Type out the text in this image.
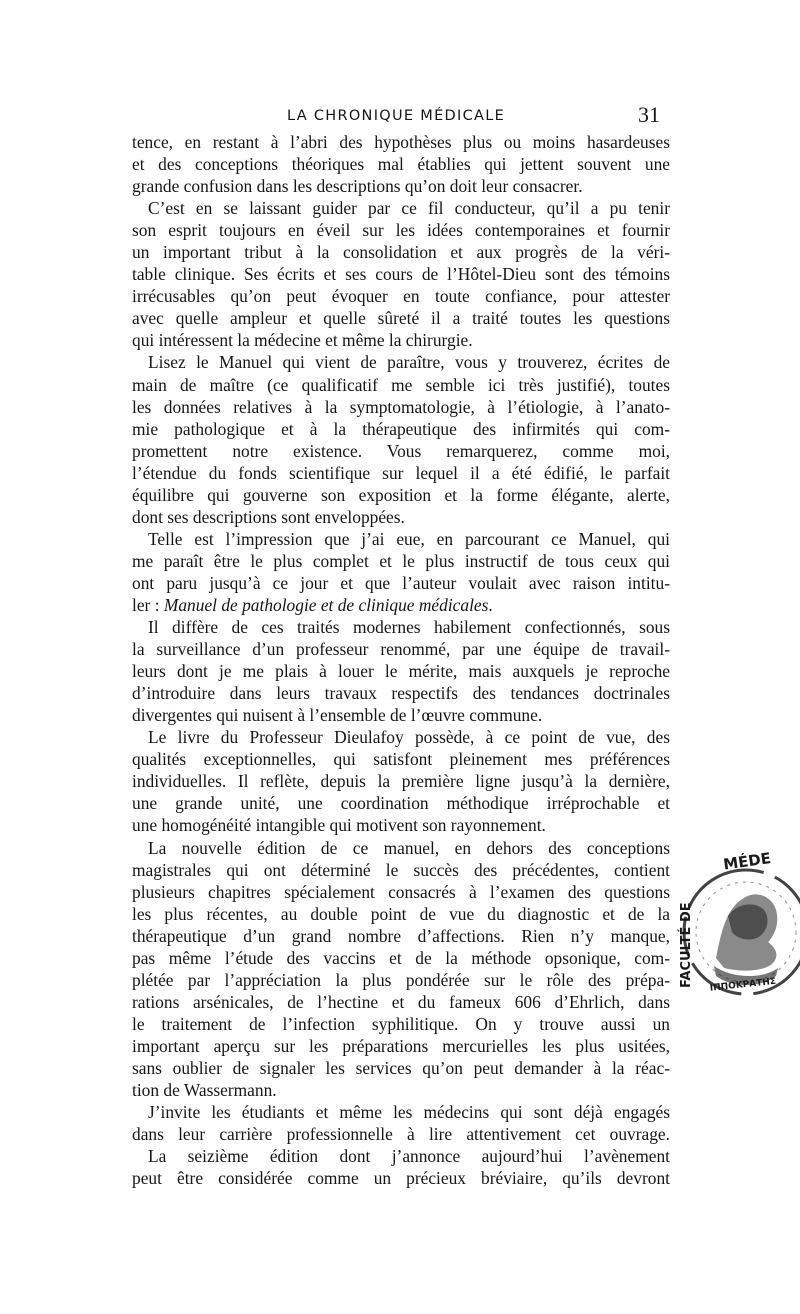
LA CHRONIQUE MÉDICALE	31
tence, en restant à l’abri des hypothèses plus ou moins hasardeuses
et des conceptions théoriques mal établies qui jettent souvent une
grande confusion dans les descriptions qu’on doit leur consacrer.
C’est en se laissant guider par ce fil conducteur, qu’il a pu tenir
son esprit toujours en éveil sur les idées contemporaines et fournir
un important tribut à la consolidation et aux progrès de la véri-
table clinique. Ses écrits et ses cours de l’Hôtel-Dieu sont des témoins
irrécusables qu’on peut évoquer en toute confiance, pour attester
avec quelle ampleur et quelle sûreté il a traité toutes les questions
qui intéressent la médecine et même la chirurgie.
Lisez le Manuel qui vient de paraître, vous y trouverez, écrites de
main de maître (ce qualificatif me semble ici très justifié), toutes
les données relatives à la symptomatologie, à l’étiologie, à l’anato-
mie pathologique et à la thérapeutique des infirmités qui com-
promettent notre existence. Vous remarquerez, comme moi,
l’étendue du fonds scientifique sur lequel il a été édifié, le parfait
équilibre qui gouverne son exposition et la forme élégante, alerte,
dont ses descriptions sont enveloppées.
Telle est l’impression que j’ai eue, en parcourant ce Manuel, qui
me paraît être le plus complet et le plus instructif de tous ceux qui
ont paru jusqu’à ce jour et que l’auteur voulait avec raison intitu-
ler : Manuel de pathologie et de clinique médicales.
Il diffère de ces traités modernes habilement confectionnés, sous
la surveillance d’un professeur renommé, par une équipe de travail-
leurs dont je me plais à louer le mérite, mais auxquels je reproche
d’introduire dans leurs travaux respectifs des tendances doctrinales
divergentes qui nuisent à l’ensemble de l’œuvre commune.
Le livre du Professeur Dieulafoy possède, à ce point de vue, des
qualités exceptionnelles, qui satisfont pleinement mes préférences
individuelles. Il reflète, depuis la première ligne jusqu’à la dernière,
une grande unité, une coordination méthodique irréprochable et
une homogénéité intangible qui motivent son rayonnement.
La nouvelle édition de ce manuel, en dehors des conceptions
magistrales qui ont déterminé le succès des précédentes, contient
plusieurs chapitres spécialement consacrés à l’examen des questions
les plus récentes, au double point de vue du diagnostic et de la
thérapeutique d’un grand nombre d’affections. Rien n’y manque,
pas même l’étude des vaccins et de la méthode opsonique, com-
plétée par l’appréciation la plus pondérée sur le rôle des prépa-
rations arsénicales, de l’hectine et du fameux 606 d’Ehrlich, dans
le traitement de l’infection syphilitique. On y trouve aussi un
important aperçu sur les préparations mercurielles les plus usitées,
sans oublier de signaler les services qu’on peut demander à la réac-
tion de Wassermann.
J’invite les étudiants et même les médecins qui sont déjà engagés
dans leur carrière professionnelle à lire attentivement cet ouvrage.
La seizième édition dont j’annonce aujourd’hui l’avènement
peut être considérée comme un précieux bréviaire, qu’ils devront
MÉDE
FACULTÉ DE ΙΠΠΟΚΡΑΤΗΣ
